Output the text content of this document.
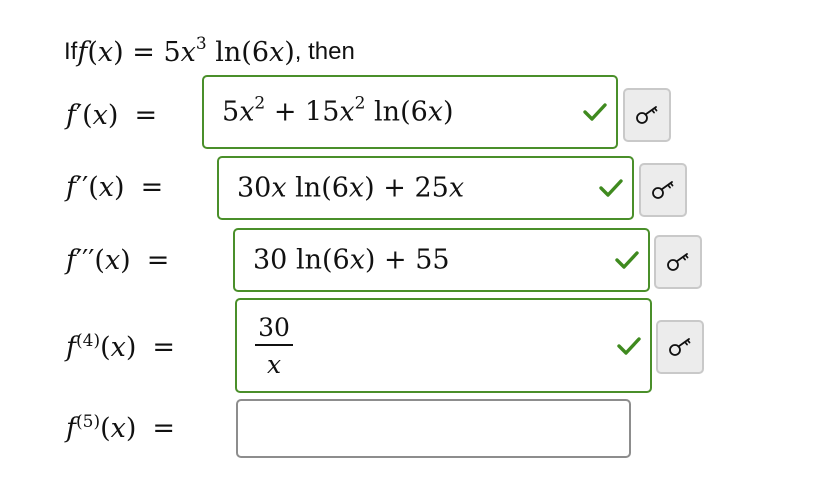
If $f(x) = 5x^3$ ln(6x) , then
$f'(x) = 5x^2 + 15x^2$ ln(6x)
f′′(x) =	30x ln(6x) + 25x
f′′′(x) =	30 ln(6x) + 55
$f^{(4)}(x)$ =	$\frac{30}{x}$
$f^{(5)}(x)$ =
